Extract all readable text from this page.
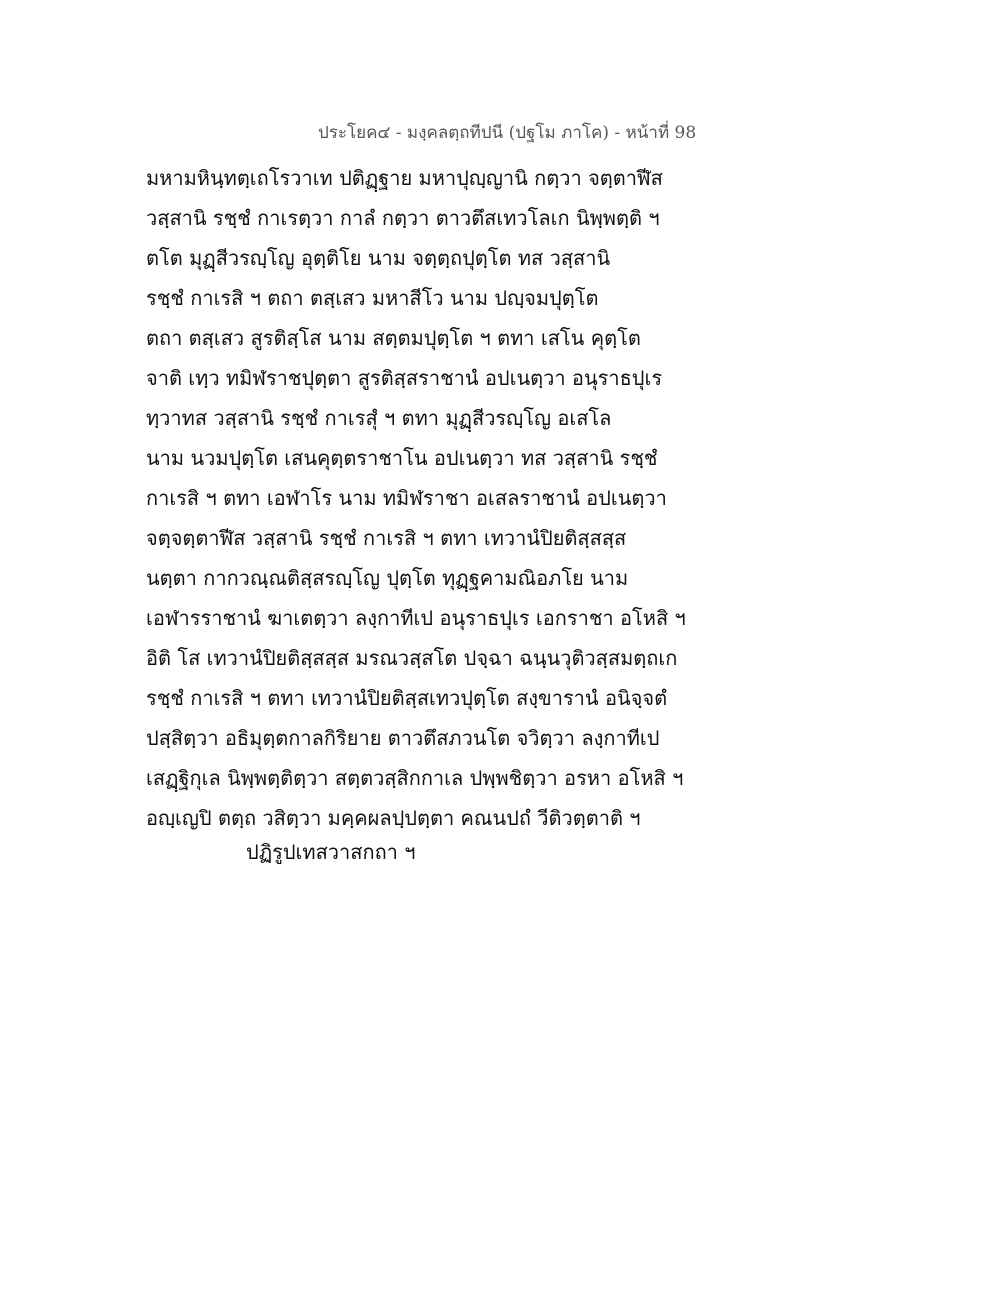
ประโยค๔ - มงฺคลตฺถทีปนี (ปฐโม ภาโค) - หน้าที่ 98
มหามหินฺทตฺเถโรวาเท ปติฏฺฐาย มหาปุญฺญานิ กตฺวา จตฺตาฬีส
วสฺสานิ รชฺชํ กาเรตฺวา กาลํ กตฺวา ตาวตึสเทวโลเก นิพฺพตฺติ ฯ
ตโต มุฏฺสีวรญฺโญ อุตฺติโย นาม จตฺตฺถปุตฺโต ทส วสฺสานิ
รชฺชํ กาเรสิ ฯ ตถา ตสฺเสว มหาสีโว นาม ปญฺจมปุตฺโต
ตถา ตสฺเสว สูรติสฺโส นาม สตฺตมปุตฺโต ฯ ตทา เสโน คุตฺโต
จาติ เทฺว ทมิฬราชปุตฺตา สูรติสฺสราชานํ อปเนตฺวา อนุราธปุเร
ทฺวาทส วสฺสานิ รชฺชํ กาเรสุํ ฯ ตทา มุฏฺสีวรญฺโญ อเสโล
นาม นวมปุตฺโต เสนคุตฺตราชาโน อปเนตฺวา ทส วสฺสานิ รชฺชํ
กาเรสิ ฯ ตทา เอฬาโร นาม ทมิฬราชา อเสลราชานํ อปเนตฺวา
จตฺจตฺตาฬีส วสฺสานิ รชฺชํ กาเรสิ ฯ ตทา เทวานํปิยติสฺสสฺส
นตฺตา กากวณฺณติสฺสรญฺโญ ปุตฺโต ทุฏฺฐคามณิอภโย นาม
เอฬารราชานํ ฆาเตตฺวา ลงฺกาทีเป อนุราธปุเร เอกราชา อโหสิ ฯ
อิติ โส เทวานํปิยติสฺสสฺส มรณวสฺสโต ปจฺฉา ฉนฺนวุติวสฺสมตฺถเก
รชฺชํ กาเรสิ ฯ ตทา เทวานํปิยติสฺสเทวปุตฺโต สงฺขารานํ อนิจฺจตํ
ปสฺสิตฺวา อธิมุตฺตกาลกิริยาย ตาวตึสภวนโต จวิตฺวา ลงฺกาทีเป
เสฏฺฐิกุเล นิพฺพตฺติตฺวา สตฺตวสฺสิกกาเล ปพฺพชิตฺวา อรหา อโหสิ ฯ
อญฺเญปิ ตตฺถ วสิตฺวา มคฺคผลปฺปตฺตา คณนปถํ วีติวตฺตาติ ฯ
ปฏิรูปเทสวาสกถา ฯ
